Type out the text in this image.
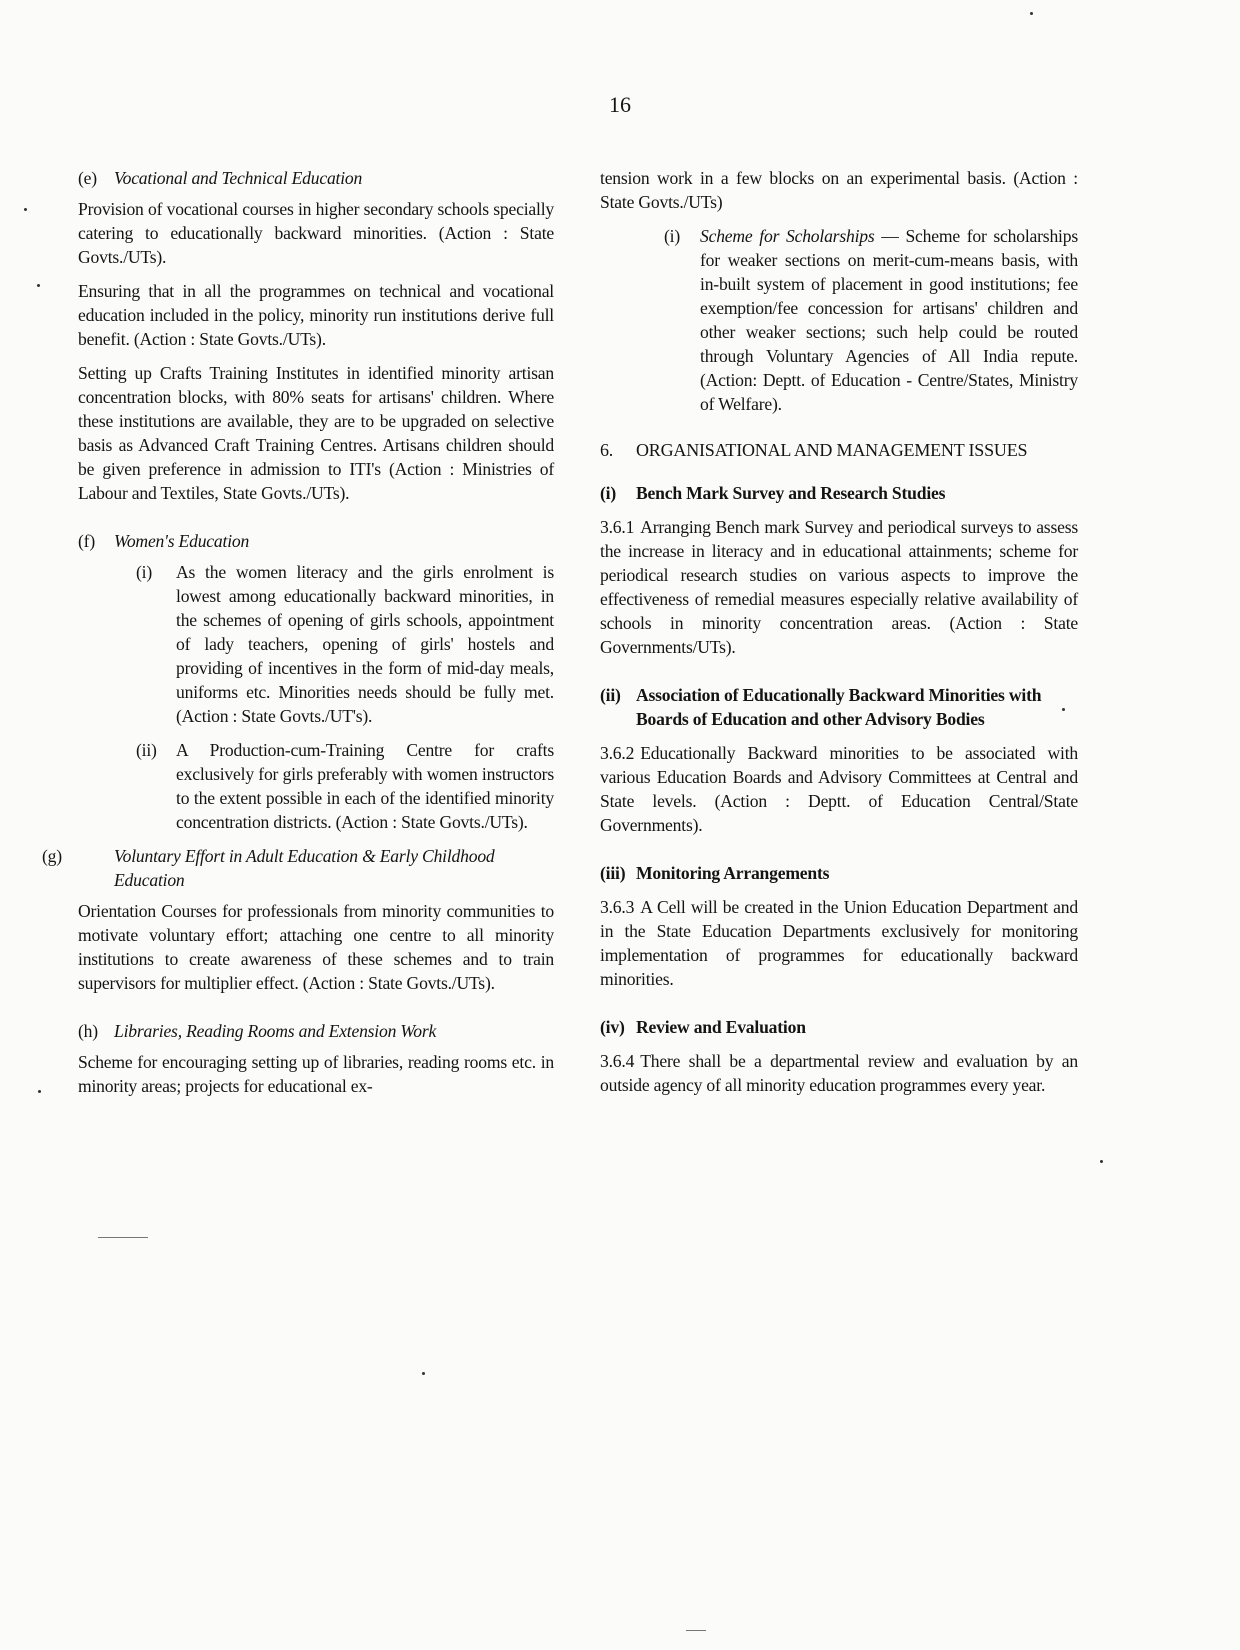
16
(e) Vocational and Technical Education

Provision of vocational courses in higher secondary schools specially catering to educationally backward minorities. (Action : State Govts./UTs).

Ensuring that in all the programmes on technical and vocational education included in the policy, minority run institutions derive full benefit. (Action : State Govts./UTs).

Setting up Crafts Training Institutes in identified minority artisan concentration blocks, with 80% seats for artisans' children. Where these institutions are available, they are to be upgraded on selective basis as Advanced Craft Training Centres. Artisans children should be given preference in admission to ITI's (Action : Ministries of Labour and Textiles, State Govts./UTs).

(f) Women's Education
(i) As the women literacy and the girls enrolment is lowest among educationally backward minorities, in the schemes of opening of girls schools, appointment of lady teachers, opening of girls' hostels and providing of incentives in the form of mid-day meals, uniforms etc. Minorities needs should be fully met. (Action : State Govts./UT's).
(ii) A Production-cum-Training Centre for crafts exclusively for girls preferably with women instructors to the extent possible in each of the identified minority concentration districts. (Action : State Govts./UTs).
(g)	Voluntary Effort in Adult Education & Early Childhood Education

Orientation Courses for professionals from minority communities to motivate voluntary effort; attaching one centre to all minority institutions to create awareness of these schemes and to train supervisors for multiplier effect. (Action : State Govts./UTs).

(h) Libraries, Reading Rooms and Extension Work

Scheme for encouraging setting up of libraries, reading rooms etc. in minority areas; projects for educational ex-

tension work in a few blocks on an experimental basis. (Action : State Govts./UTs)

(i) Scheme for Scholarships — Scheme for scholarships for weaker sections on merit-cum-means basis, with in-built system of placement in good institutions; fee exemption/fee concession for artisans' children and other weaker sections; such help could be routed through Voluntary Agencies of All India repute. (Action: Deptt. of Education - Centre/States, Ministry of Welfare).
6. ORGANISATIONAL AND MANAGEMENT ISSUES
(i) Bench Mark Survey and Research Studies

3.6.1 Arranging Bench mark Survey and periodical surveys to assess the increase in literacy and in educational attainments; scheme for periodical research studies on various aspects to improve the effectiveness of remedial measures especially relative availability of schools in minority concentration areas. (Action : State Governments/UTs).

(ii) Association of Educationally Backward Minorities with Boards of Education and other Advisory Bodies

3.6.2 Educationally Backward minorities to be associated with various Education Boards and Advisory Committees at Central and State levels. (Action : Deptt. of Education Central/State Governments).

(iii) Monitoring Arrangements

3.6.3 A Cell will be created in the Union Education Department and in the State Education Departments exclusively for monitoring implementation of programmes for educationally backward minorities.

(iv) Review and Evaluation

3.6.4 There shall be a departmental review and evaluation by an outside agency of all minority education programmes every year.
